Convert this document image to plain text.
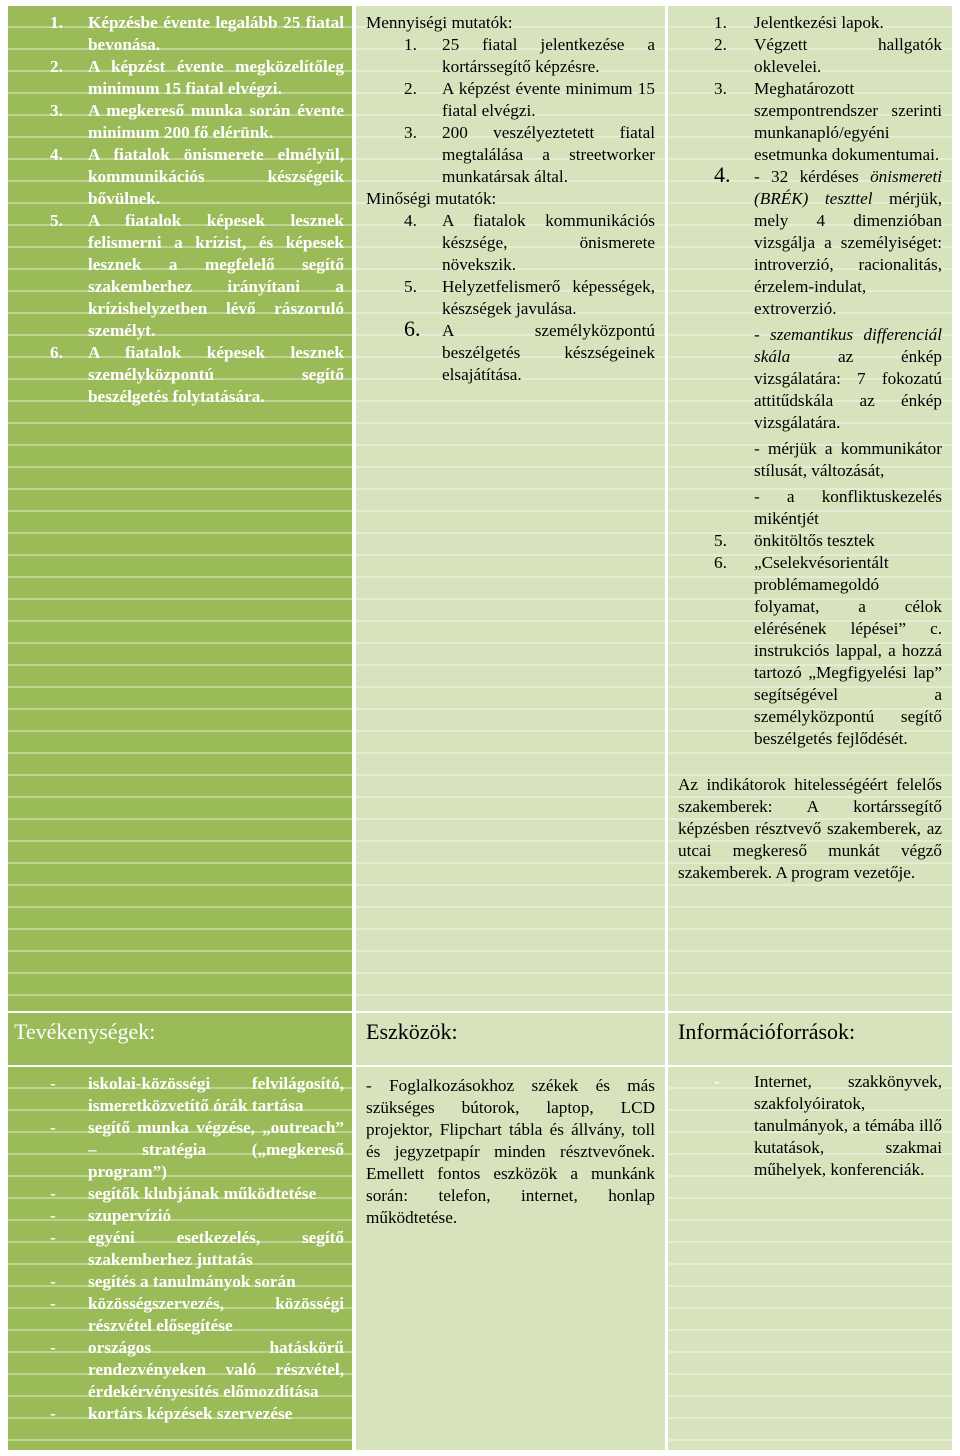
1. Képzésbe évente legalább 25 fiatal bevonása.
2. A képzést évente megközelítőleg minimum 15 fiatal elvégzi.
3. A megkereső munka során évente minimum 200 fő elérünk.
4. A fiatalok önismerete elmélyül, kommunikációs készségeik bővülnek.
5. A fiatalok képesek lesznek felismerni a krízist, és képesek lesznek a megfelelő segítő szakemberhez irányítani a krízishelyzetben lévő rászoruló személyt.
6. A fiatalok képesek lesznek személyközpontú segítő beszélgetés folytatására.
Mennyiségi mutatók:
1. 25 fiatal jelentkezése a kortárssegítő képzésre.
2. A képzést évente minimum 15 fiatal elvégzi.
3. 200 veszélyeztetett fiatal megtalálása a streetworker munkatársak által.
Minőségi mutatók:
4. A fiatalok kommunikációs készsége, önismerete növekszik.
5. Helyzetfelismerő képességek, készségek javulása.
6. A személyközpontú beszélgetés készségeinek elsajátítása.
1. Jelentkezési lapok.
2. Végzett hallgatók oklevelei.
3. Meghatározott szempontrendszer szerinti munkanapló/egyéni esetmunka dokumentumai.
4. - 32 kérdéses önismereti (BRÉK) teszttel mérjük, mely 4 dimenzióban vizsgálja a személyiséget: introverzió, racionalitás, érzelem-indulat, extroverzió.
- szemantikus differenciál skála az énkép vizsgálatára: 7 fokozatú attitűdskála az énkép vizsgálatára.
- mérjük a kommunikátor stílusát, változását,
- a konfliktuskezelés mikéntjét
5. önkitöltős tesztek
6. „Cselekvésorientált problémamegoldó folyamat, a célok elérésének lépései” c. instrukciós lappal, a hozzá tartozó „Megfigyelési lap” segítségével a személyközpontú segítő beszélgetés fejlődését.
Az indikátorok hitelességéért felelős szakemberek: A kortárssegítő képzésben résztvevő szakemberek, az utcai megkereső munkát végző szakemberek. A program vezetője.
Tevékenységek:	Eszközök:	Információforrások:
- iskolai-közösségi felvilágosító, ismeretközvetítő órák tartása
- segítő munka végzése, „outreach” – stratégia („megkereső program”)
- segítők klubjának működtetése
- szupervízió
- egyéni esetkezelés, segítő szakemberhez juttatás
- segítés a tanulmányok során
- közösségszervezés, közösségi részvétel elősegítése
- országos hatáskörű rendezvényeken való részvétel, érdekérvényesítés előmozdítása
- kortárs képzések szervezése
- Foglalkozásokhoz székek és más szükséges bútorok, laptop, LCD projektor, Flipchart tábla és állvány, toll és jegyzetpapír minden résztvevőnek. Emellett fontos eszközök a munkánk során: telefon, internet, honlap működtetése.
- Internet, szakkönyvek, szakfolyóiratok, tanulmányok, a témába illő kutatások, szakmai műhelyek, konferenciák.
